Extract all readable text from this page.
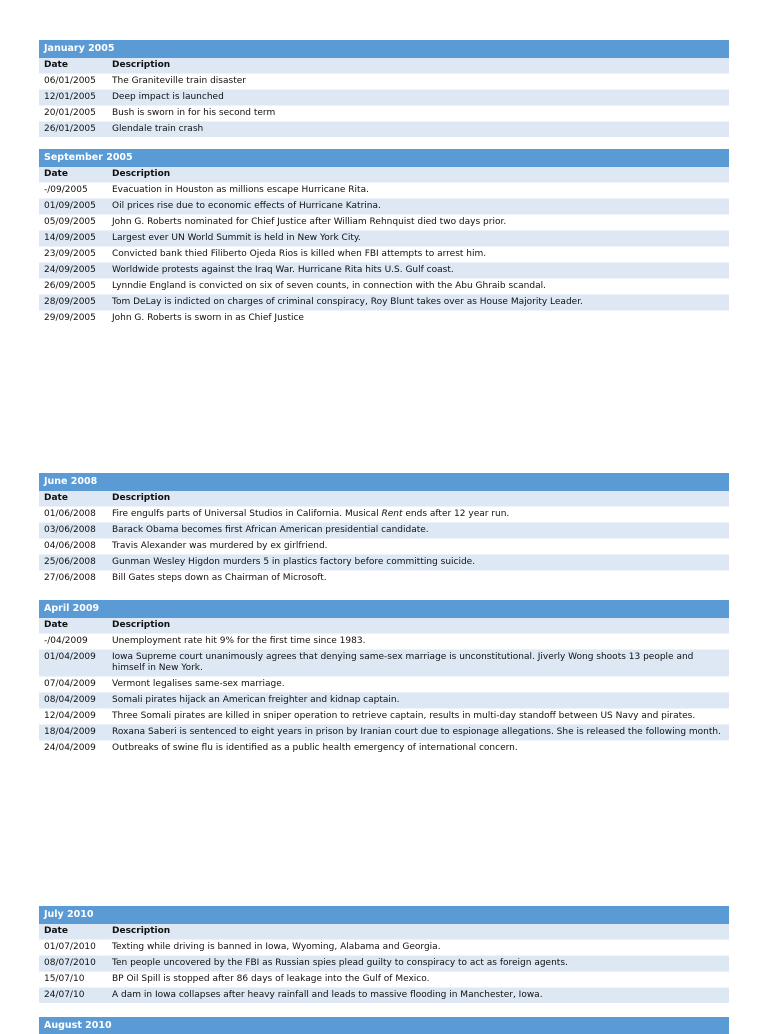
January 2005	
Date	Description
06/01/2005	The Graniteville train disaster
12/01/2005	Deep impact is launched
20/01/2005	Bush is sworn in for his second term
26/01/2005	Glendale train crash
September 2005	
Date	Description
-/09/2005	Evacuation in Houston as millions escape Hurricane Rita.
01/09/2005	Oil prices rise due to economic effects of Hurricane Katrina.
05/09/2005	John G. Roberts nominated for Chief Justice after William Rehnquist died two days prior.
14/09/2005	Largest ever UN World Summit is held in New York City.
23/09/2005	Convicted bank thied Filiberto Ojeda Rios is killed when FBI attempts to arrest him.
24/09/2005	Worldwide protests against the Iraq War. Hurricane Rita hits U.S. Gulf coast.
26/09/2005	Lynndie England is convicted on six of seven counts, in connection with the Abu Ghraib scandal.
28/09/2005	Tom DeLay is indicted on charges of criminal conspiracy, Roy Blunt takes over as House Majority Leader.
29/09/2005	John G. Roberts is sworn in as Chief Justice
June 2008	
Date	Description
01/06/2008	Fire engulfs parts of Universal Studios in California. Musical Rent ends after 12 year run.
03/06/2008	Barack Obama becomes first African American presidential candidate.
04/06/2008	Travis Alexander was murdered by ex girlfriend.
25/06/2008	Gunman Wesley Higdon murders 5 in plastics factory before committing suicide.
27/06/2008	Bill Gates steps down as Chairman of Microsoft.
April 2009	
Date	Description
-/04/2009	Unemployment rate hit 9% for the first time since 1983.
01/04/2009	Iowa Supreme court unanimously agrees that denying same-sex marriage is unconstitutional. Jiverly Wong shoots 13 people and himself in New York.
07/04/2009	Vermont legalises same-sex marriage.
08/04/2009	Somali pirates hijack an American freighter and kidnap captain.
12/04/2009	Three Somali pirates are killed in sniper operation to retrieve captain, results in multi-day standoff between US Navy and pirates.
18/04/2009	Roxana Saberi is sentenced to eight years in prison by Iranian court due to espionage allegations. She is released the following month.
24/04/2009	Outbreaks of swine flu is identified as a public health emergency of international concern.
July 2010	
Date	Description
01/07/2010	Texting while driving is banned in Iowa, Wyoming, Alabama and Georgia.
08/07/2010	Ten people uncovered by the FBI as Russian spies plead guilty to conspiracy to act as foreign agents.
15/07/10	BP Oil Spill is stopped after 86 days of leakage into the Gulf of Mexico.
24/07/10	A dam in Iowa collapses after heavy rainfall and leads to massive flooding in Manchester, Iowa.
August 2010
